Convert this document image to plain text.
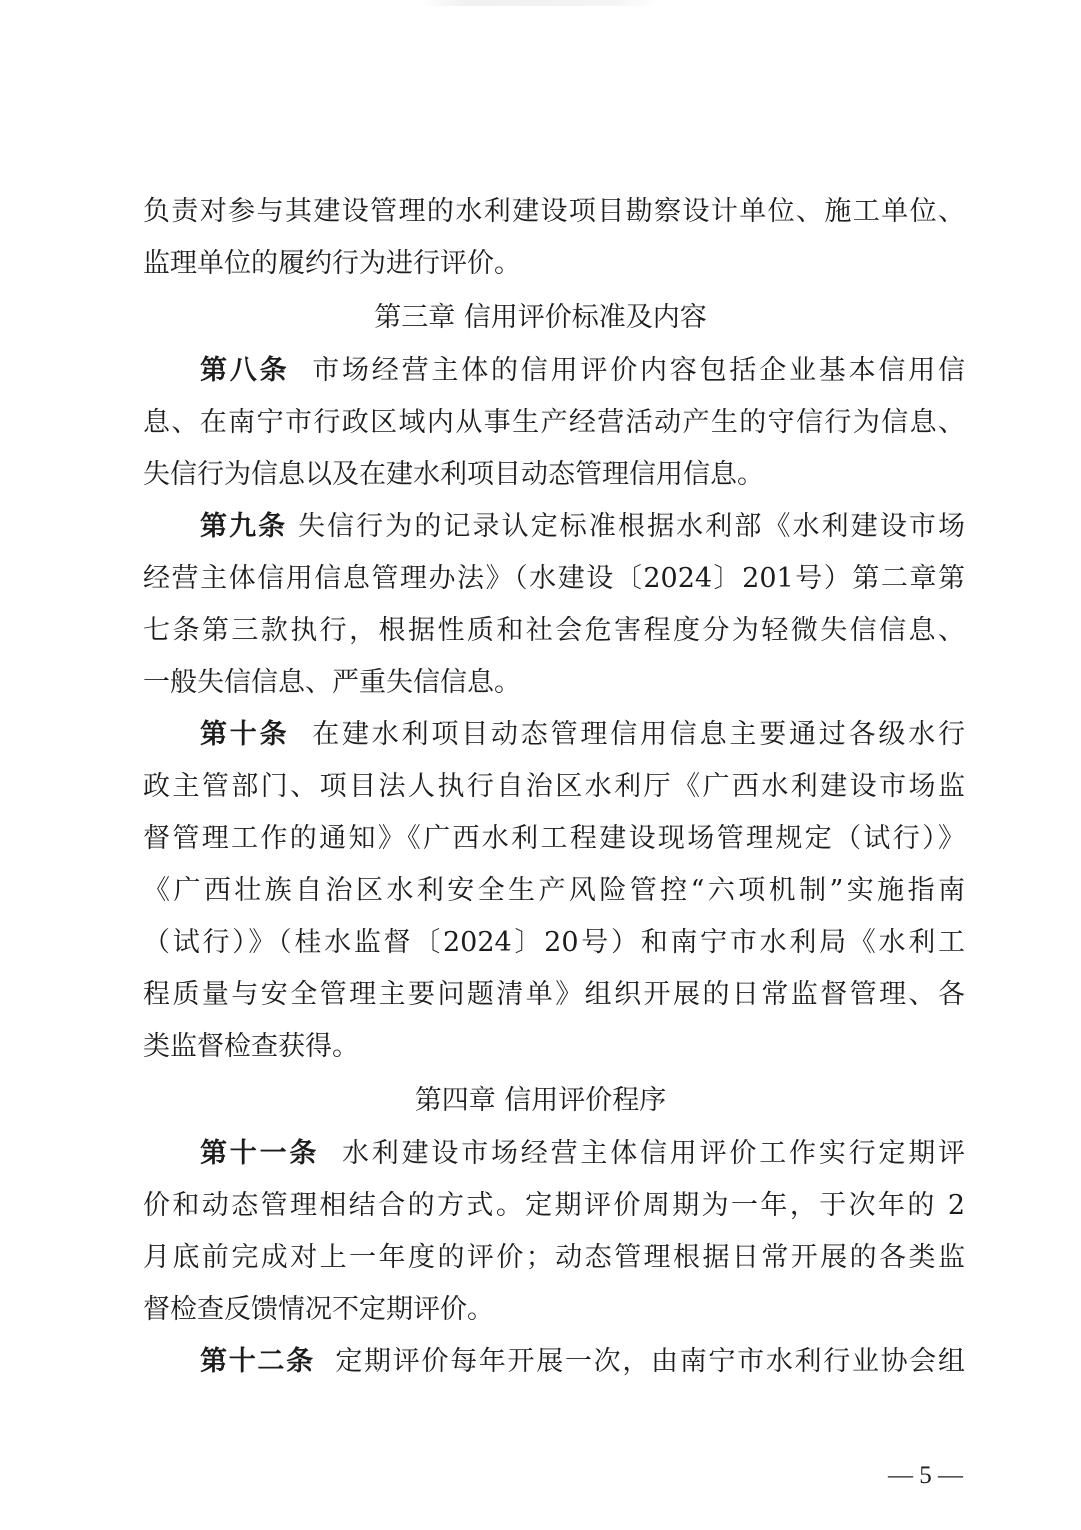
负责对参与其建设管理的水利建设项目勘察设计单位、施工单位、
监理单位的履约行为进行评价。
第三章 信用评价标准及内容
第八条 市场经营主体的信用评价内容包括企业基本信用信
息、在南宁市行政区域内从事生产经营活动产生的守信行为信息、
失信行为信息以及在建水利项目动态管理信用信息。
第九条 失信行为的记录认定标准根据水利部《水利建设市场
经营主体信用信息管理办法》（水建设〔2024〕201号）第二章第
七条第三款执行，根据性质和社会危害程度分为轻微失信信息、
一般失信信息、严重失信信息。
第十条 在建水利项目动态管理信用信息主要通过各级水行
政主管部门、项目法人执行自治区水利厅《广西水利建设市场监
督管理工作的通知》《广西水利工程建设现场管理规定（试行）》
《广西壮族自治区水利安全生产风险管控“六项机制”实施指南
（试行）》（桂水监督〔2024〕20号）和南宁市水利局《水利工
程质量与安全管理主要问题清单》组织开展的日常监督管理、各
类监督检查获得。
第四章 信用评价程序
第十一条 水利建设市场经营主体信用评价工作实行定期评
价和动态管理相结合的方式。定期评价周期为一年，于次年的 2
月底前完成对上一年度的评价；动态管理根据日常开展的各类监
督检查反馈情况不定期评价。
第十二条 定期评价每年开展一次，由南宁市水利行业协会组
— 5 —
